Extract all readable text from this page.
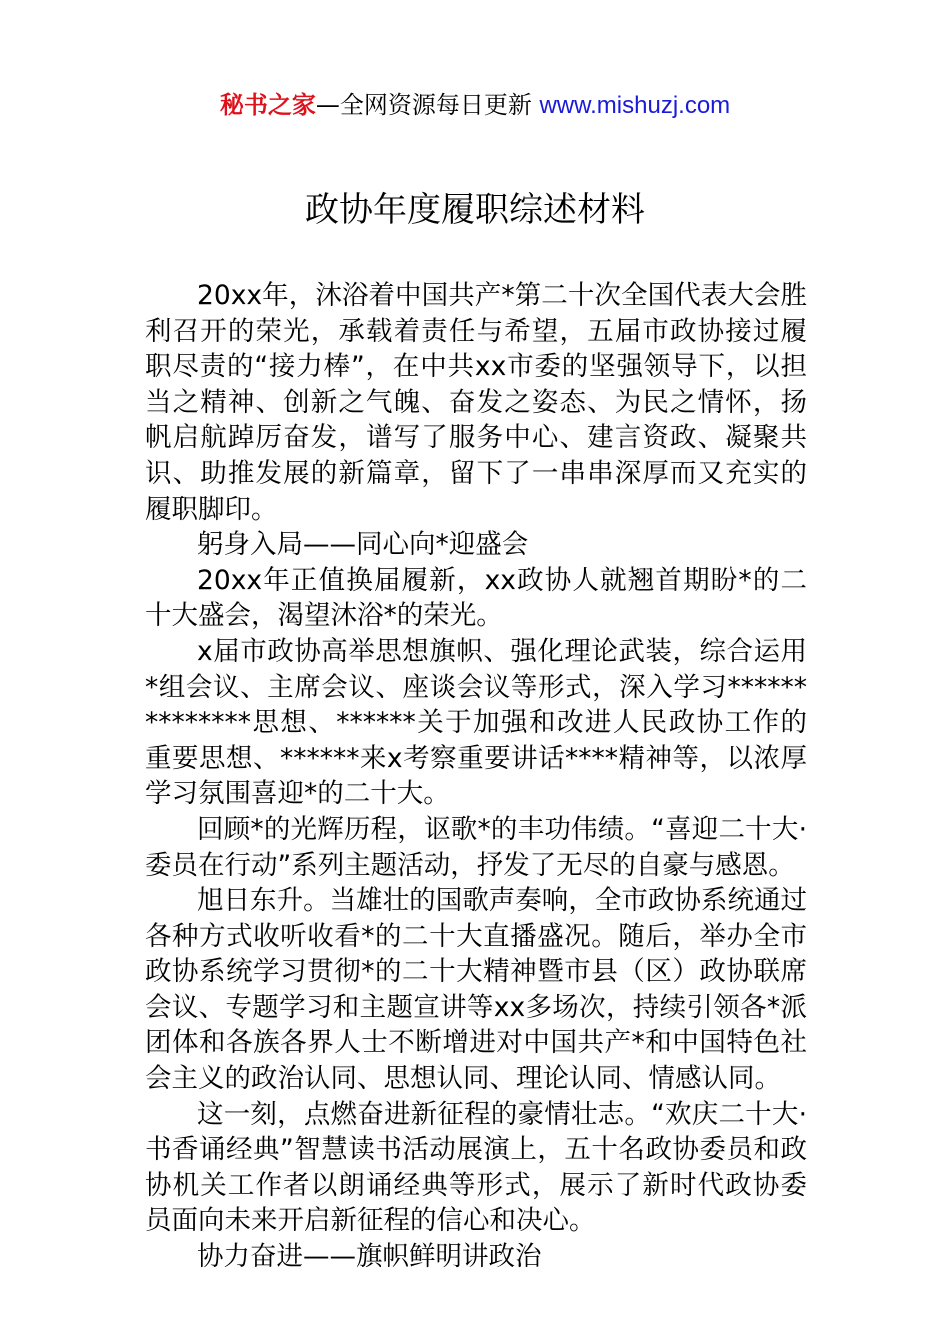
秘书之家—全网资源每日更新 www.mishuzj.com
政协年度履职综述材料

20xx年，沐浴着中国共产*第二十次全国代表大会胜利召开的荣光，承载着责任与希望，五届市政协接过履职尽责的“接力棒”，在中共xx市委的坚强领导下，以担当之精神、创新之气魄、奋发之姿态、为民之情怀，扬帆启航踔厉奋发，谱写了服务中心、建言资政、凝聚共识、助推发展的新篇章，留下了一串串深厚而又充实的履职脚印。

躬身入局——同心向*迎盛会

20xx年正值换届履新，xx政协人就翘首期盼*的二十大盛会，渴望沐浴*的荣光。

x届市政协高举思想旗帜、强化理论武装，综合运用*组会议、主席会议、座谈会议等形式，深入学习**************思想、******关于加强和改进人民政协工作的重要思想、******来x考察重要讲话****精神等，以浓厚学习氛围喜迎*的二十大。

回顾*的光辉历程，讴歌*的丰功伟绩。“喜迎二十大·委员在行动”系列主题活动，抒发了无尽的自豪与感恩。

旭日东升。当雄壮的国歌声奏响，全市政协系统通过各种方式收听收看*的二十大直播盛况。随后，举办全市政协系统学习贯彻*的二十大精神暨市县（区）政协联席会议、专题学习和主题宣讲等xx多场次，持续引领各*派团体和各族各界人士不断增进对中国共产*和中国特色社会主义的政治认同、思想认同、理论认同、情感认同。

这一刻，点燃奋进新征程的豪情壮志。“欢庆二十大·书香诵经典”智慧读书活动展演上，五十名政协委员和政协机关工作者以朗诵经典等形式，展示了新时代政协委员面向未来开启新征程的信心和决心。

协力奋进——旗帜鲜明讲政治
